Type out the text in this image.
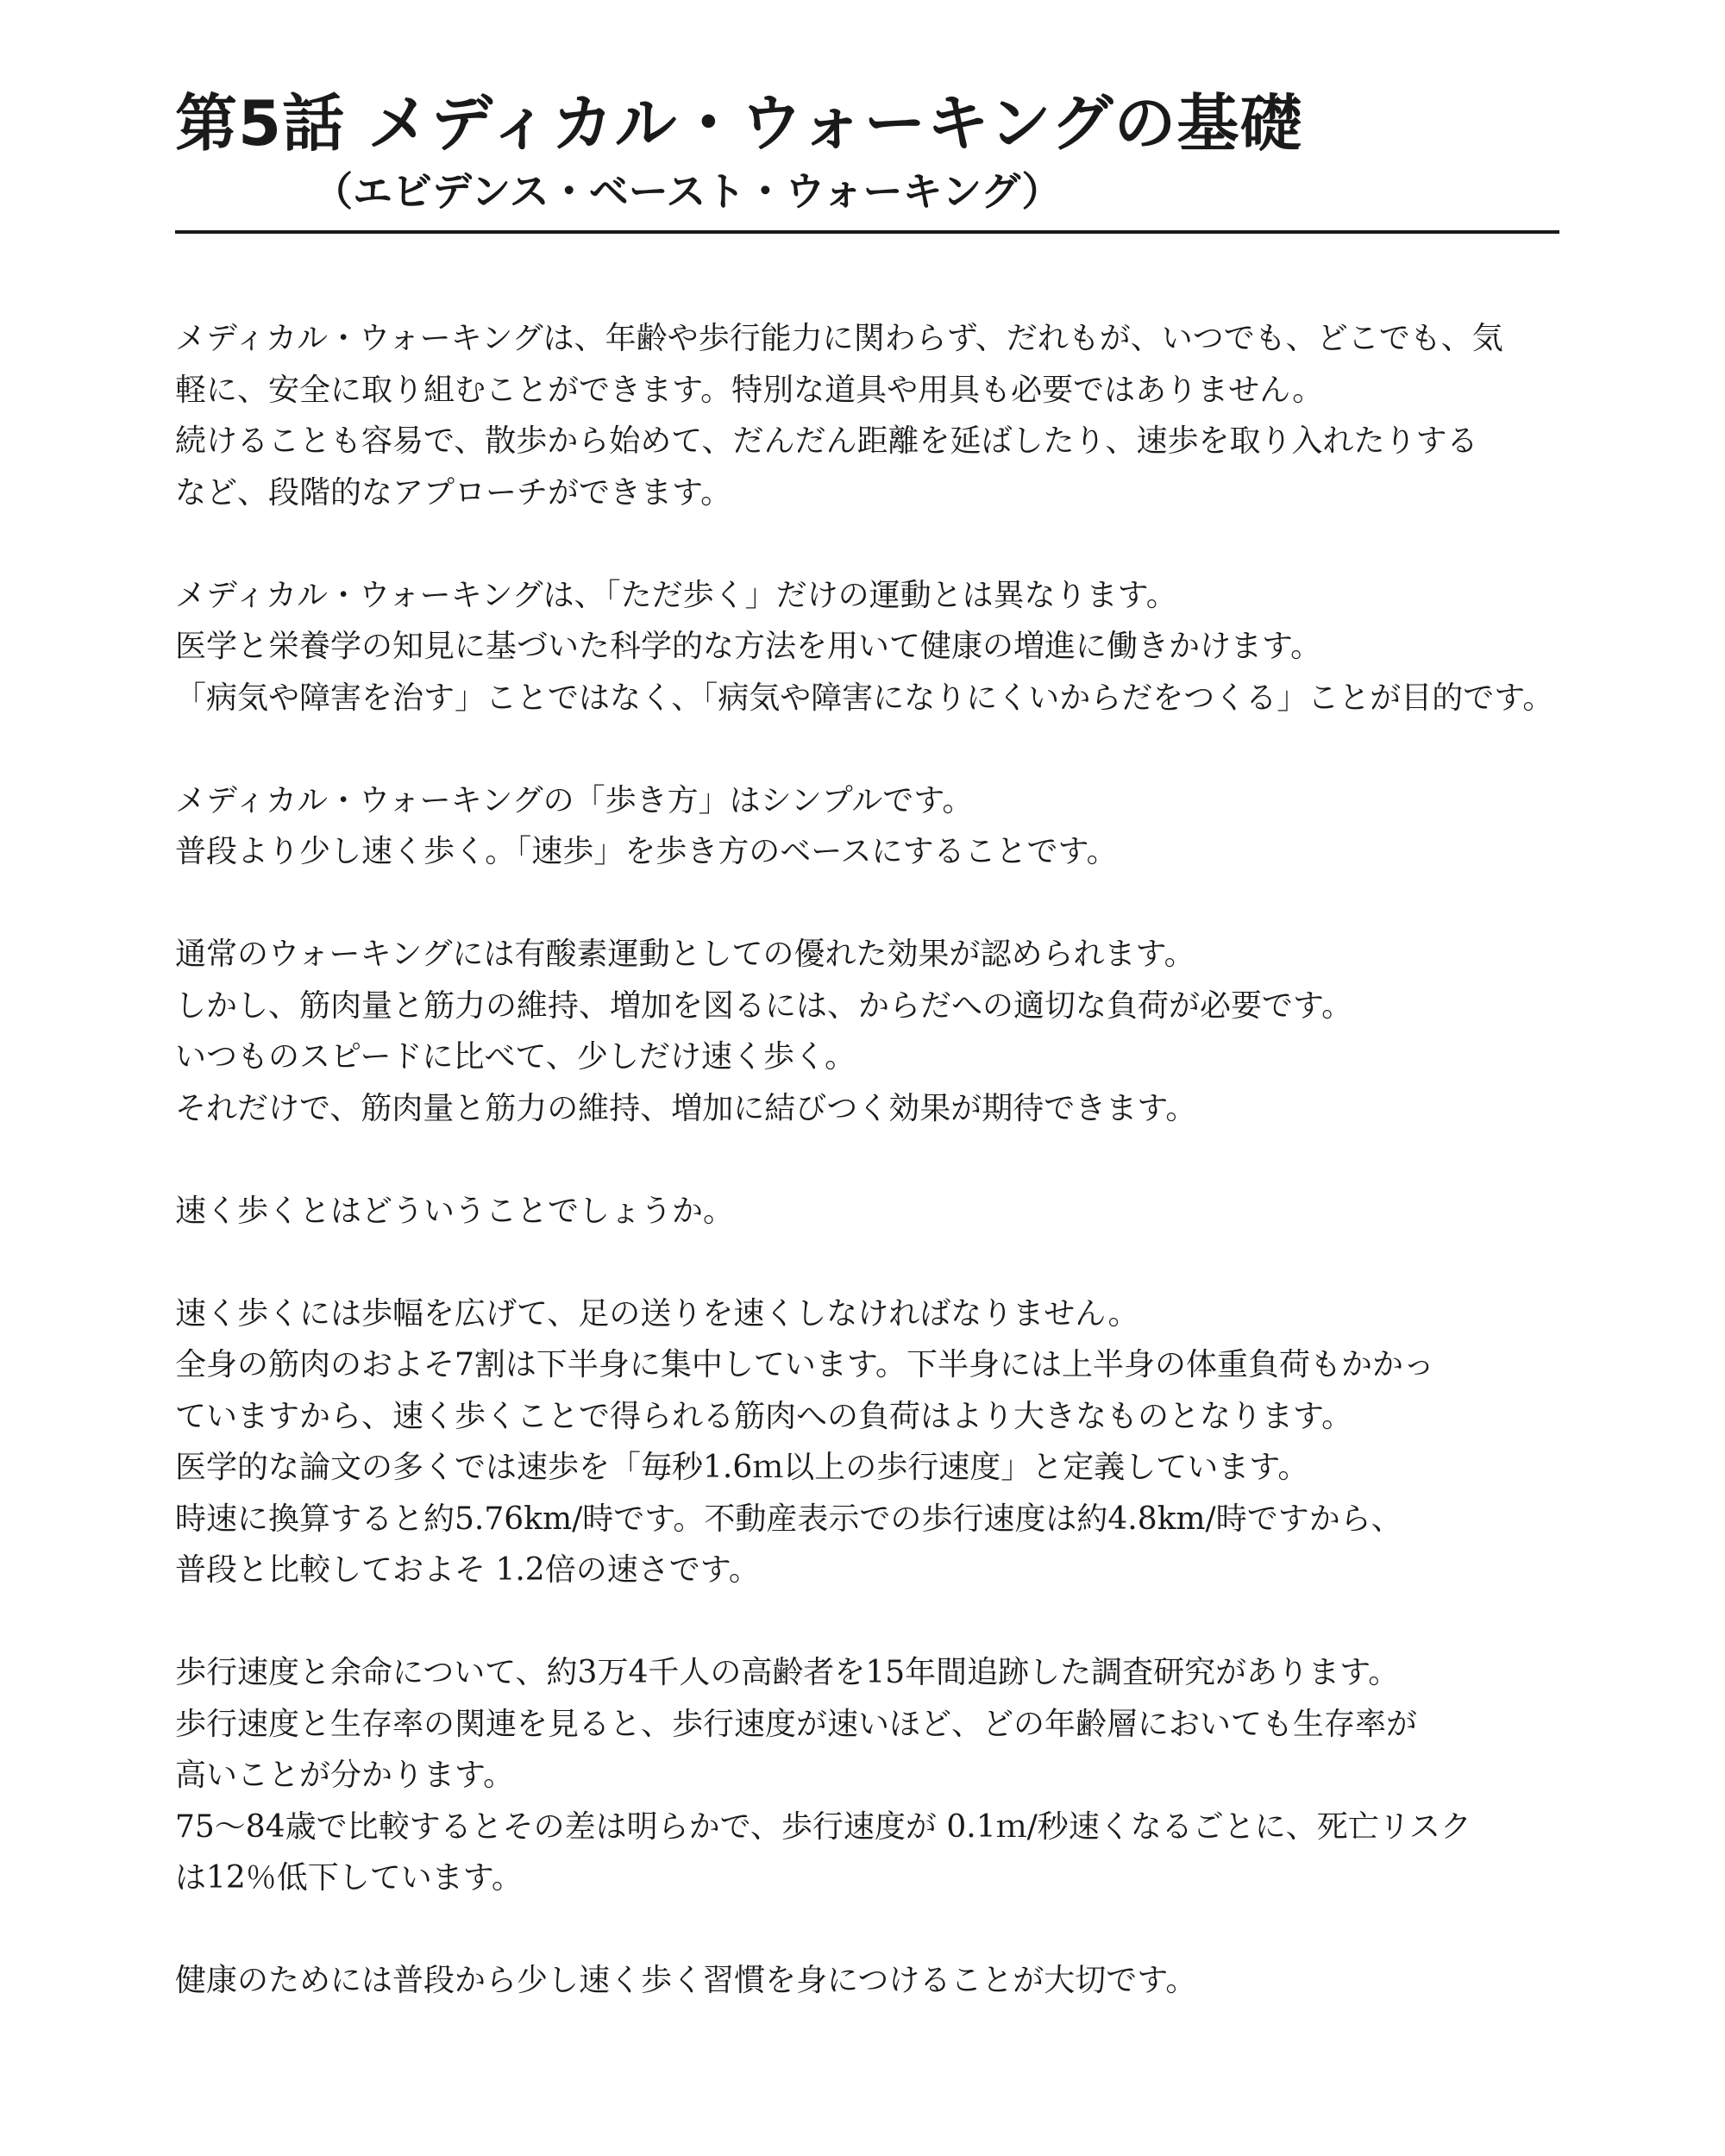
第5話 メディカル・ウォーキングの基礎
（エビデンス・ベースト・ウォーキング）

メディカル・ウォーキングは、年齢や歩行能力に関わらず、だれもが、いつでも、どこでも、気
軽に、安全に取り組むことができます。特別な道具や用具も必要ではありません。
続けることも容易で、散歩から始めて、だんだん距離を延ばしたり、速歩を取り入れたりする
など、段階的なアプローチができます。

メディカル・ウォーキングは、「ただ歩く」だけの運動とは異なります。
医学と栄養学の知見に基づいた科学的な方法を用いて健康の増進に働きかけます。
「病気や障害を治す」ことではなく、「病気や障害になりにくいからだをつくる」ことが目的です。

メディカル・ウォーキングの「歩き方」はシンプルです。
普段より少し速く歩く。「速歩」を歩き方のベースにすることです。

通常のウォーキングには有酸素運動としての優れた効果が認められます。
しかし、筋肉量と筋力の維持、増加を図るには、からだへの適切な負荷が必要です。
いつものスピードに比べて、少しだけ速く歩く。
それだけで、筋肉量と筋力の維持、増加に結びつく効果が期待できます。

速く歩くとはどういうことでしょうか。

速く歩くには歩幅を広げて、足の送りを速くしなければなりません。
全身の筋肉のおよそ7割は下半身に集中しています。下半身には上半身の体重負荷もかかっ
ていますから、速く歩くことで得られる筋肉への負荷はより大きなものとなります。
医学的な論文の多くでは速歩を「毎秒1.6ｍ以上の歩行速度」と定義しています。
時速に換算すると約5.76km/時です。不動産表示での歩行速度は約4.8km/時ですから、
普段と比較しておよそ 1.2倍の速さです。

歩行速度と余命について、約3万4千人の高齢者を15年間追跡した調査研究があります。
歩行速度と生存率の関連を見ると、歩行速度が速いほど、どの年齢層においても生存率が
高いことが分かります。
75〜84歳で比較するとその差は明らかで、歩行速度が 0.1ｍ/秒速くなるごとに、死亡リスク
は12％低下しています。

健康のためには普段から少し速く歩く習慣を身につけることが大切です。
